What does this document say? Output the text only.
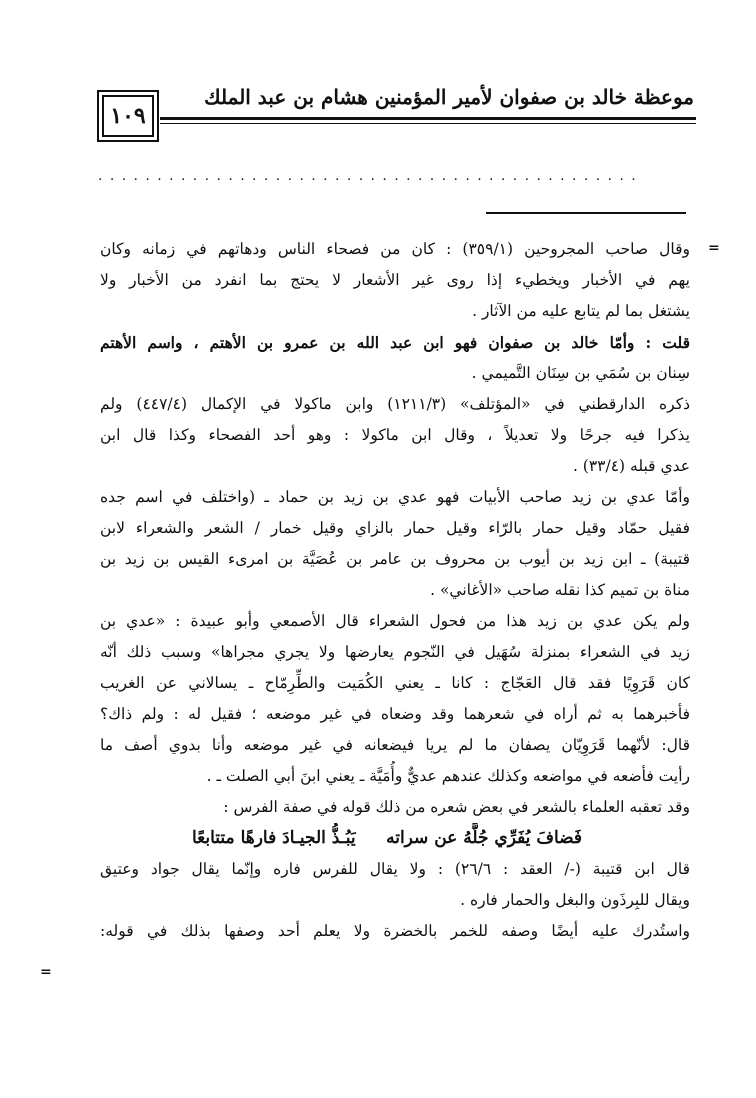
موعظة خالد بن صفوان لأمير المؤمنين هشام بن عبد الملك
١٠٩
..............................................
=
=
وقال صاحب المجروحين (٣٥٩/١) : كان من فصحاء الناس ودهاتهم في زمانه وكان
يهم في الأخبار ويخطيء إذا روى غير الأشعار لا يحتج بما انفرد من الأخبار ولا
يشتغل بما لم يتابع عليه من الآثار .
قلت : وأمّا خالد بن صفوان فهو ابن عبد الله بن عمرو بن الأهتم ، واسم الأهتم
سِنان بن سُمَي بن سِنَان التَّميمي .
ذكره الدارقطني في «المؤتلف» (١٢١١/٣) وابن ماكولا في الإكمال (٤٤٧/٤) ولم
يذكرا فيه جرحًا ولا تعديلاً ، وقال ابن ماكولا : وهو أحد الفصحاء وكذا قال ابن
عدي قبله (٣٣/٤) .
وأمّا عدي بن زيد صاحب الأبيات فهو عدي بن زيد بن حماد ـ (واختلف في اسم جده
فقيل حمّاد وقيل حمار بالرّاء وقيل حمار بالزاي وقيل خمار / الشعر والشعراء لابن
قتيبة) ـ ابن زيد بن أيوب بن محروف بن عامر بن عُصَيَّة بن امرىء القيس بن زيد بن
مناة بن تميم كذا نقله صاحب «الأغاني» .
ولم يكن عدي بن زيد هذا من فحول الشعراء قال الأصمعي وأبو عبيدة : «عدي بن
زيد في الشعراء بمنزلة سُهَيل في النّجوم يعارضها ولا يجري مجراها» وسبب ذلك أنّه
كان قَرَوِيًا فقد قال العَجّاج : كانا ـ يعني الكُمَيت والطِّرِمّاح ـ يسالاني عن الغريب
فأخبرهما به ثم أراه في شعرهما وقد وضعاه في غير موضعه ؛ فقيل له : ولم ذاك؟
قال: لأنّهما قَرَوِيّان يصفان ما لم يريا فيضعانه في غير موضعه وأنا بدوي أصف ما
رأيت فأضعه في مواضعه وكذلك عندهم عديٌّ وأُمَيَّة ـ يعني ابنَ أبي الصلت ـ .
وقد تعقبه العلماء بالشعر في بعض شعره من ذلك قوله في صفة الفرس :
فَضافَ يُفَرِّي جُلَّهُ عن سراته
يَبُـذُّ الجيـادَ فارهًا متتابعًا
قال ابن قتيبة (-/ العقد : ٢٦/٦) : ولا يقال للفرس فاره وإنّما يقال جواد وعتيق
ويقال للبِرذَون والبغل والحمار فاره .
واستُدرك عليه أيضًا وصفه للخمر بالخضرة ولا يعلم أحد وصفها بذلك في قوله:
